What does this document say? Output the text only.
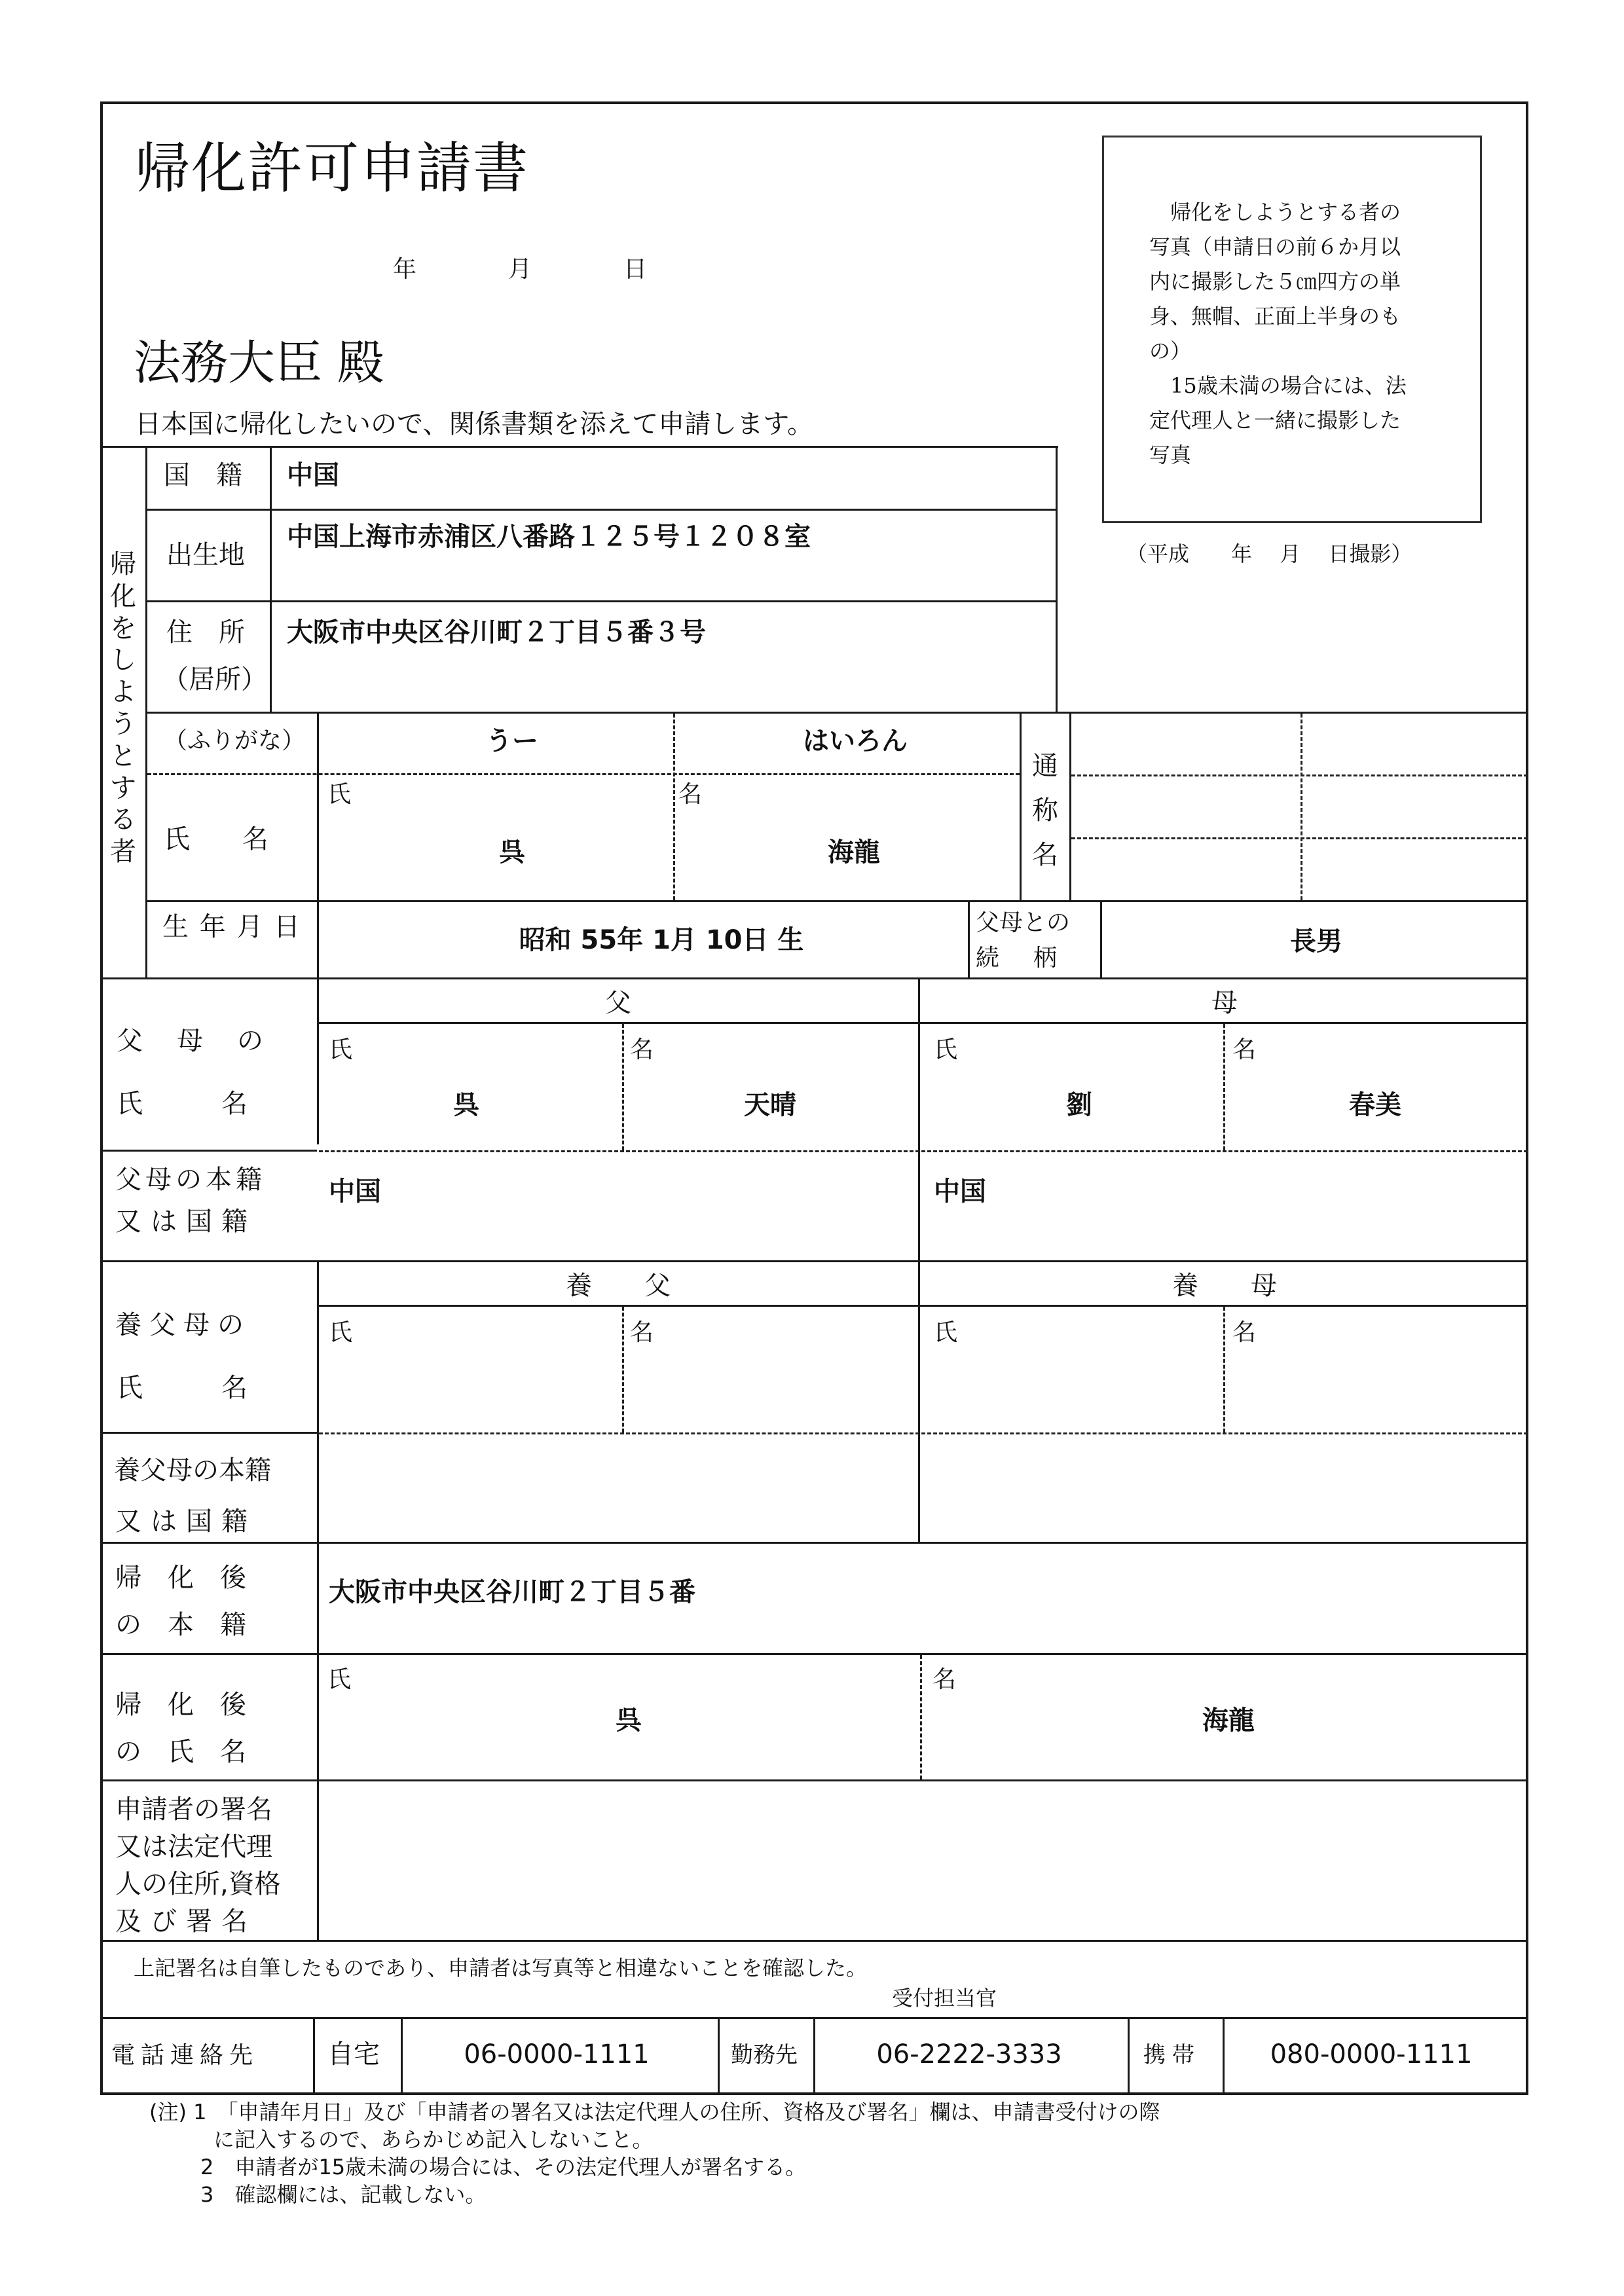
帰化許可申請書
年	月	日
法務大臣 殿
日本国に帰化したいので、関係書類を添えて申請します。

　帰化をしようとする者の

写真（申請日の前６か月以

内に撮影した５㎝四方の単

身、無帽、正面上半身のも

の）

　15歳未満の場合には、法

定代理人と一緒に撮影した

写真

（平成　　年　 月　 日撮影）
帰化をしようとする者
国　籍 中国
出生地
中国上海市赤浦区八番路１２５号１２０８室
住　所
（居所）
大阪市中央区谷川町２丁目５番３号
（ふりがな）	うー	はいろん
氏　　名
氏	名
呉	海龍
通称名
生年月日	昭和 55年 1月 10日 生
父母との
続　柄
長男
父　母　の
氏　　　名
父	母
氏	名	氏	名
呉	天晴	劉	春美
父母の本籍
又は国籍
中国	中国
養父母の
氏　　　名
養　　父	養　　母
氏	名	氏	名
養父母の本籍
又は国籍
帰　化　後
の　本　籍
大阪市中央区谷川町２丁目５番
帰　化　後
の　氏　名
氏	名
呉	海龍
申請者の署名
又は法定代理
人の住所,資格
及び署名
上記署名は自筆したものであり、申請者は写真等と相違ないことを確認した。
受付担当官
電話連絡先	自宅	06-0000-1111	勤務先	06-2222-3333	携帯	080-0000-1111
(注) 1　「申請年月日」及び「申請者の署名又は法定代理人の住所、資格及び署名」欄は、申請書受付けの際
に記入するので、あらかじめ記入しないこと。
2　申請者が15歳未満の場合には、その法定代理人が署名する。
3　確認欄には、記載しない。
